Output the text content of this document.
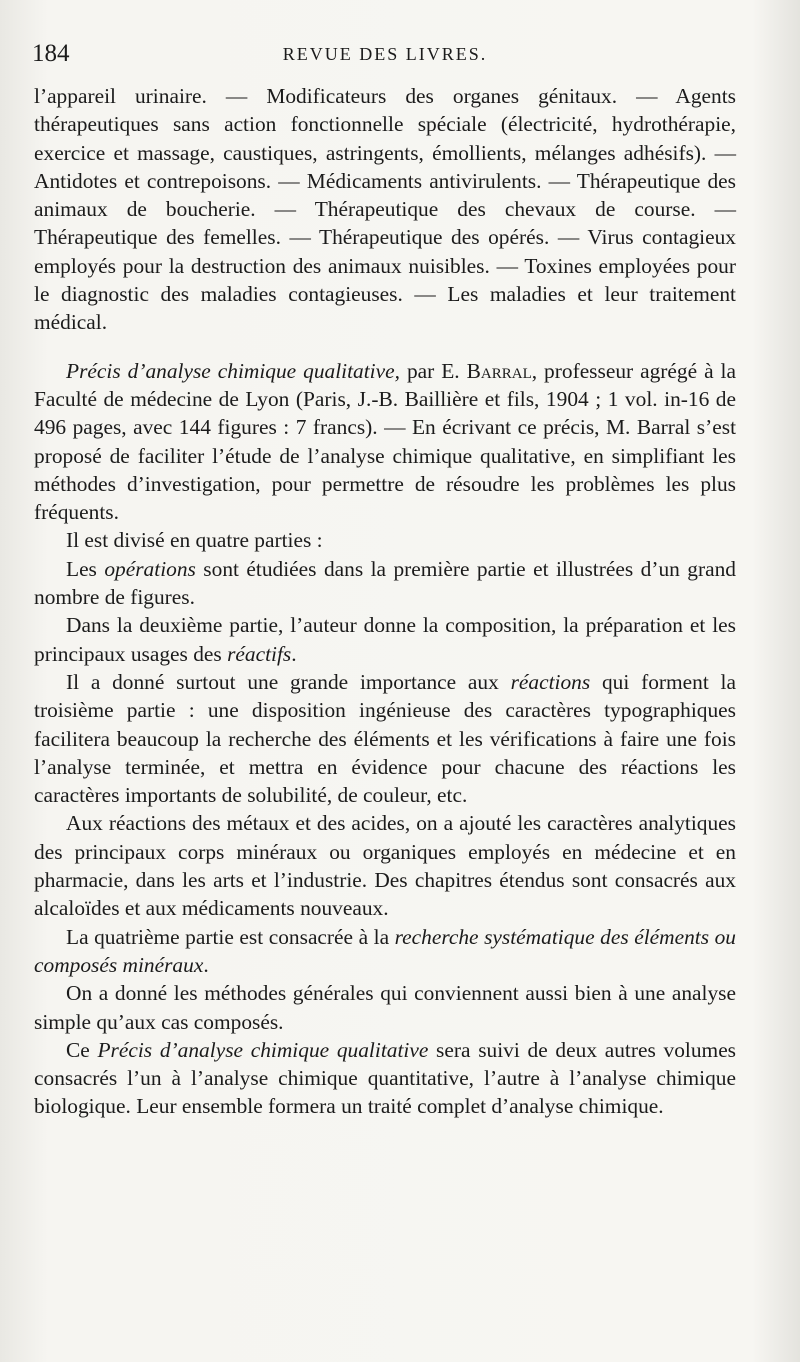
184	REVUE DES LIVRES.

l’appareil urinaire. — Modificateurs des organes génitaux. — Agents thérapeutiques sans action fonctionnelle spéciale (électricité, hydrothérapie, exercice et massage, caustiques, astringents, émollients, mélanges adhésifs). — Antidotes et contrepoisons. — Médicaments antivirulents. — Thérapeutique des animaux de boucherie. — Thérapeutique des chevaux de course. — Thérapeutique des femelles. — Thérapeutique des opérés. — Virus contagieux employés pour la destruction des animaux nuisibles. — Toxines employées pour le diagnostic des maladies contagieuses. — Les maladies et leur traitement médical.

Précis d’analyse chimique qualitative, par E. Barral, professeur agrégé à la Faculté de médecine de Lyon (Paris, J.-B. Baillière et fils, 1904 ; 1 vol. in-16 de 496 pages, avec 144 figures : 7 francs). — En écrivant ce précis, M. Barral s’est proposé de faciliter l’étude de l’analyse chimique qualitative, en simplifiant les méthodes d’investigation, pour permettre de résoudre les problèmes les plus fréquents.

Il est divisé en quatre parties :

Les opérations sont étudiées dans la première partie et illustrées d’un grand nombre de figures.

Dans la deuxième partie, l’auteur donne la composition, la préparation et les principaux usages des réactifs.

Il a donné surtout une grande importance aux réactions qui forment la troisième partie : une disposition ingénieuse des caractères typographiques facilitera beaucoup la recherche des éléments et les vérifications à faire une fois l’analyse terminée, et mettra en évidence pour chacune des réactions les caractères importants de solubilité, de couleur, etc.

Aux réactions des métaux et des acides, on a ajouté les caractères analytiques des principaux corps minéraux ou organiques employés en médecine et en pharmacie, dans les arts et l’industrie. Des chapitres étendus sont consacrés aux alcaloïdes et aux médicaments nouveaux.

La quatrième partie est consacrée à la recherche systématique des éléments ou composés minéraux.

On a donné les méthodes générales qui conviennent aussi bien à une analyse simple qu’aux cas composés.

Ce Précis d’analyse chimique qualitative sera suivi de deux autres volumes consacrés l’un à l’analyse chimique quantitative, l’autre à l’analyse chimique biologique. Leur ensemble formera un traité complet d’analyse chimique.
